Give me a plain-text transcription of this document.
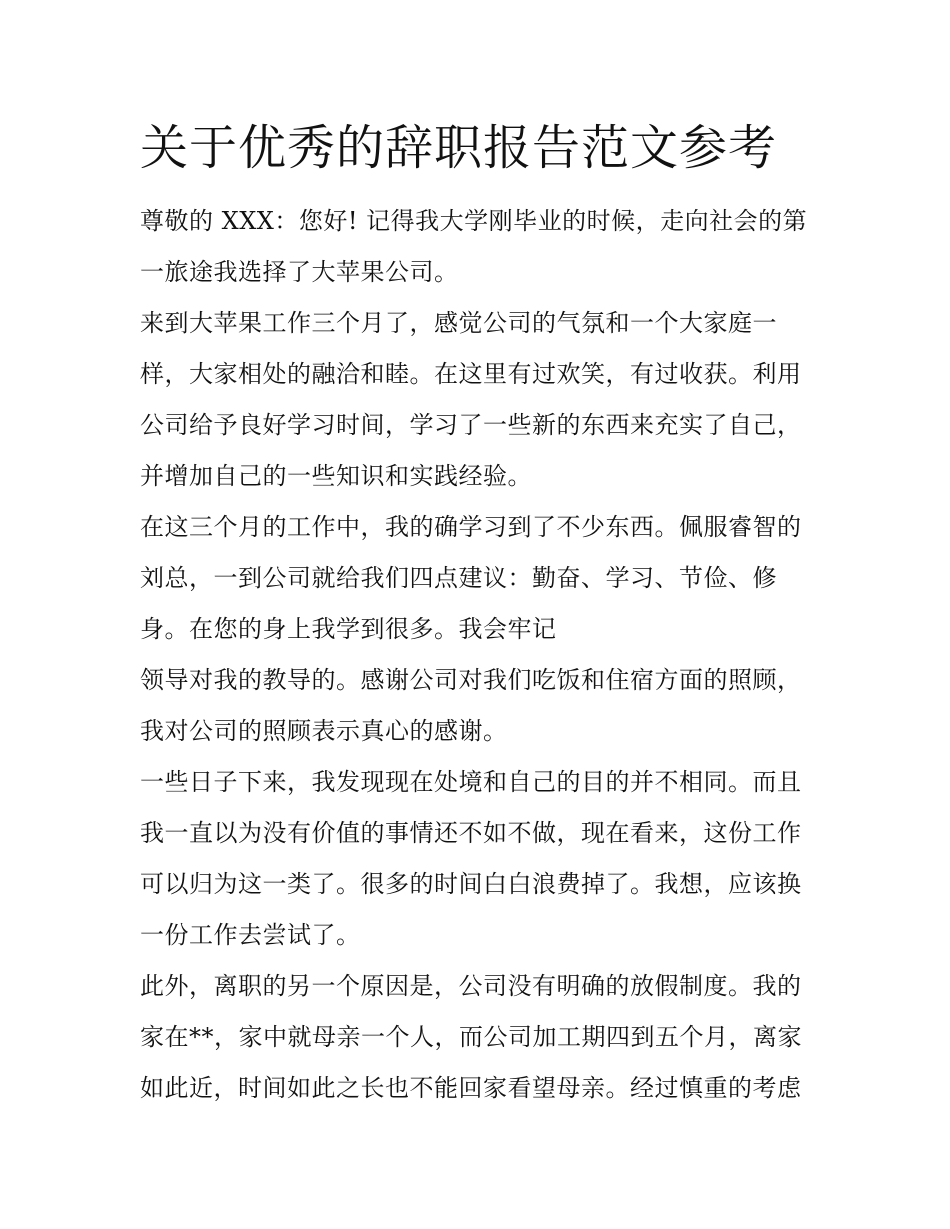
关于优秀的辞职报告范文参考
尊敬的 XXX：您好! 记得我大学刚毕业的时候，走向社会的第
一旅途我选择了大苹果公司。
来到大苹果工作三个月了，感觉公司的气氛和一个大家庭一
样，大家相处的融洽和睦。在这里有过欢笑，有过收获。利用
公司给予良好学习时间，学习了一些新的东西来充实了自己，
并增加自己的一些知识和实践经验。
在这三个月的工作中，我的确学习到了不少东西。佩服睿智的
刘总，一到公司就给我们四点建议：勤奋、学习、节俭、修
身。在您的身上我学到很多。我会牢记
领导对我的教导的。感谢公司对我们吃饭和住宿方面的照顾，
我对公司的照顾表示真心的感谢。
一些日子下来，我发现现在处境和自己的目的并不相同。而且
我一直以为没有价值的事情还不如不做，现在看来，这份工作
可以归为这一类了。很多的时间白白浪费掉了。我想，应该换
一份工作去尝试了。
此外，离职的另一个原因是，公司没有明确的放假制度。我的
家在**，家中就母亲一个人，而公司加工期四到五个月，离家
如此近，时间如此之长也不能回家看望母亲。经过慎重的考虑
